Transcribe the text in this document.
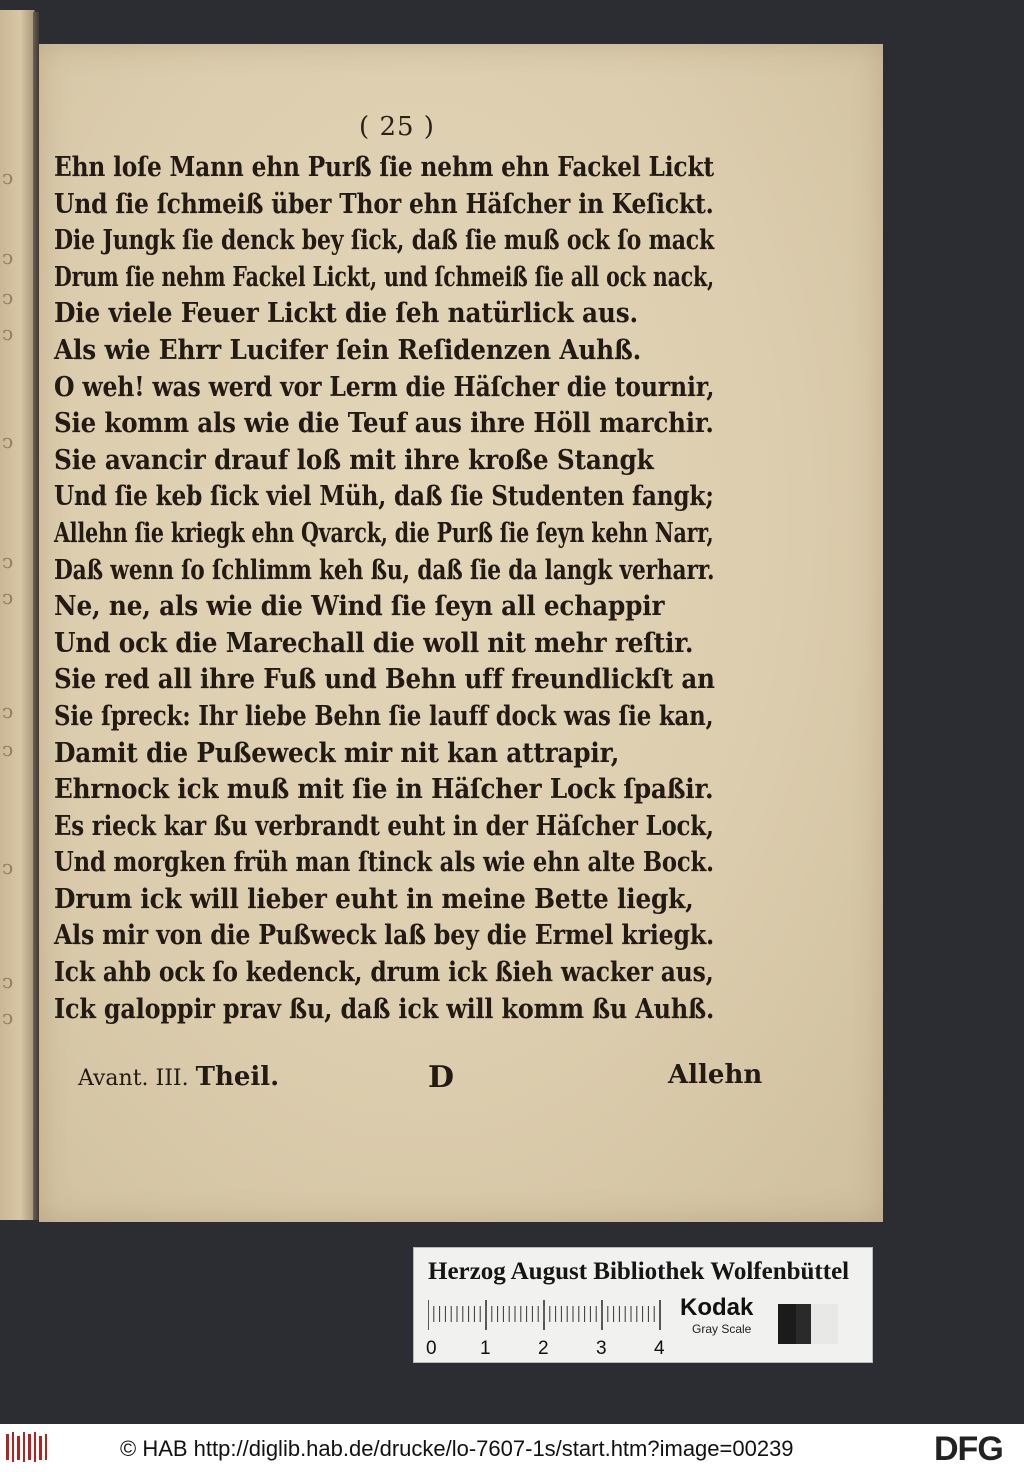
ↄ
ↄ
ↄ
ↄ
ↄ
ↄ
ↄ
ↄ
ↄ
ↄ
ↄ
ↄ
( 25 )
Ehn loſe Mann ehn Purß ſie nehm ehn Fackel Lickt
Und ſie ſchmeiß über Thor ehn Häſcher in Keſickt.
Die Jungk ſie denck bey ſick, daß ſie muß ock ſo mack
Drum ſie nehm Fackel Lickt, und ſchmeiß ſie all ock nack,
Die viele Feuer Lickt die ſeh natürlick aus.
Als wie Ehrr Lucifer ſein Reſidenzen Auhß.
O weh! was werd vor Lerm die Häſcher die tournir,
Sie komm als wie die Teuf aus ihre Höll marchir.
Sie avancir drauf loß mit ihre kroße Stangk
Und ſie keb ſick viel Müh, daß ſie Studenten fangk;
Allehn ſie kriegk ehn Qvarck, die Purß ſie ſeyn kehn Narr,
Daß wenn ſo ſchlimm keh ßu, daß ſie da langk verharr.
Ne, ne, als wie die Wind ſie ſeyn all echappir
Und ock die Marechall die woll nit mehr reſtir.
Sie red all ihre Fuß und Behn uff freundlickſt an
Sie ſpreck: Ihr liebe Behn ſie lauff dock was ſie kan,
Damit die Pußeweck mir nit kan attrapir,
Ehrnock ick muß mit ſie in Häſcher Lock ſpaßir.
Es rieck kar ßu verbrandt euht in der Häſcher Lock,
Und morgken früh man ſtinck als wie ehn alte Bock.
Drum ick will lieber euht in meine Bette liegk,
Als mir von die Pußweck laß bey die Ermel kriegk.
Ick ahb ock ſo kedenck, drum ick ßieh wacker aus,
Ick galoppir prav ßu, daß ick will komm ßu Auhß.
Avant. III. Theil.	D	Allehn
Herzog August Bibliothek Wolfenbüttel
0 1 2 3 4
Kodak
Gray Scale
© HAB http://diglib.hab.de/drucke/lo-7607-1s/start.htm?image=00239	DFG
